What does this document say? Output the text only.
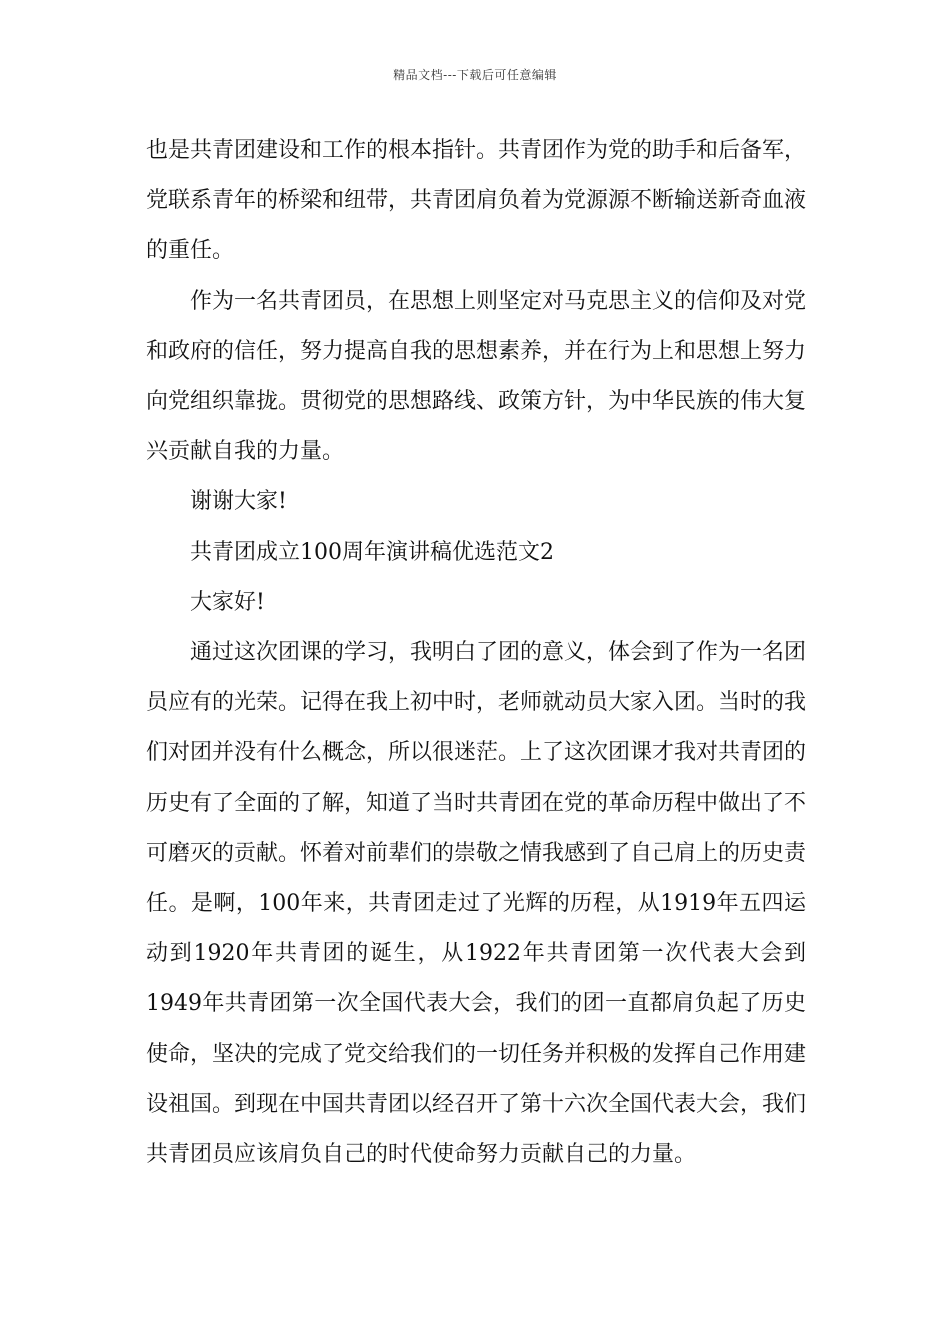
精品文档---下载后可任意编辑

也是共青团建设和工作的根本指针。共青团作为党的助手和后备军，党联系青年的桥梁和纽带，共青团肩负着为党源源不断输送新奇血液的重任。

作为一名共青团员，在思想上则坚定对马克思主义的信仰及对党和政府的信任，努力提高自我的思想素养，并在行为上和思想上努力向党组织靠拢。贯彻党的思想路线、政策方针，为中华民族的伟大复兴贡献自我的力量。

谢谢大家!

共青团成立100周年演讲稿优选范文2

大家好!

通过这次团课的学习，我明白了团的意义，体会到了作为一名团员应有的光荣。记得在我上初中时，老师就动员大家入团。当时的我们对团并没有什么概念，所以很迷茫。上了这次团课才我对共青团的历史有了全面的了解，知道了当时共青团在党的革命历程中做出了不可磨灭的贡献。怀着对前辈们的崇敬之情我感到了自己肩上的历史责任。是啊，100年来，共青团走过了光辉的历程，从1919年五四运动到1920年共青团的诞生，从1922年共青团第一次代表大会到1949年共青团第一次全国代表大会，我们的团一直都肩负起了历史使命，坚决的完成了党交给我们的一切任务并积极的发挥自己作用建设祖国。到现在中国共青团以经召开了第十六次全国代表大会，我们共青团员应该肩负自己的时代使命努力贡献自己的力量。
